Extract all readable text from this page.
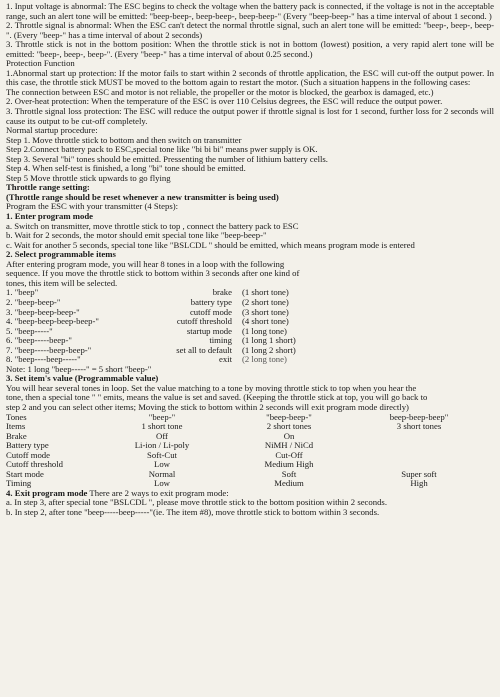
1. Input voltage is abnormal: The ESC begins to check the voltage when the battery pack is connected, if the voltage is not in the acceptable range, such an alert tone will be emitted: "beep-beep-, beep-beep-, beep-beep-" (Every "beep-beep-" has a time interval of about 1 second. )

2. Throttle signal is abnormal: When the ESC can't detect the normal throttle signal, such an alert tone will be emitted: "beep-, beep-, beep-". (Every "beep-" has a time interval of about 2 seconds)

3. Throttle stick is not in the bottom position: When the throttle stick is not in bottom (lowest) position, a very rapid alert tone will be emitted: "beep-, beep-, beep-". (Every "beep-" has a time interval of about 0.25 second.)

Protection Function

1.Abnormal start up protection: If the motor fails to start within 2 seconds of throttle application, the ESC will cut-off the output power. In this case, the throttle stick MUST be moved to the bottom again to restart the motor. (Such a situation happens in the following cases:

The connection between ESC and motor is not reliable, the propeller or the motor is blocked, the gearbox is damaged, etc.)

2. Over-heat protection: When the temperature of the ESC is over 110 Celsius degrees, the ESC will reduce the output power.

3. Throttle signal loss protection: The ESC will reduce the output power if throttle signal is lost for 1 second, further loss for 2 seconds will cause its output to be cut-off completely.

Normal startup procedure:

Step 1. Move throttle stick to bottom and then switch on transmitter

Step 2.Connect battery pack to ESC,special tone like "bi bi bi" means pwer supply is OK.

Step 3. Several "bi" tones should be emitted. Pressenting the number of lithium battery cells.

Step 4. When self-test is finished, a long "bi" tone should be emitted.

Step 5 Move throttle stick upwards to go flying

Throttle range setting:

(Throttle range should be reset whenever a new transmitter is being used)

Program the ESC with your transmitter (4 Steps):

1. Enter program mode

a. Switch on transmitter, move throttle stick to top , connect the battery pack to ESC

b. Wait for 2 seconds, the motor should emit special tone like "beep-beep-"

c. Wait for another 5 seconds, special tone like "BSLCDL " should be emitted, which means program mode is entered

2. Select programmable items

After entering program mode, you will hear 8 tones in a loop with the following sequence. If you move the throttle stick to bottom within 3 seconds after one kind of tones, this item will be selected.

1. "beep"	brake	(1 short tone)
2. "beep-beep-"	battery type	(2 short tone)
3. "beep-beep-beep-"	cutoff mode	(3 short tone)
4. "beep-beep-beep-beep-"	cutoff threshold	(4 short tone)
5. "beep-----"	startup mode	(1 long tone)
6. "beep-----beep-"	timing	(1 long 1 short)
7. "beep-----beep-beep-"	set all to default	(1 long 2 short)
8. "beep----beep-----"	exit	(2 long tone)

Note: 1 long "beep-----" = 5 short "beep-"

3. Set item's value (Programmable value)

You will hear several tones in loop. Set the value matching to a tone by moving throttle stick to top when you hear the tone, then a special tone " " emits, means the value is set and saved. (Keeping the throttle stick at top, you will go back to step 2 and you can select other items; Moving the stick to bottom within 2 seconds will exit program mode directly)

Tones	"beep-"	"beep-beep-"	beep-beep-beep"
Items	1 short tone	2 short tones	3 short tones
Brake	Off	On
Battery type	Li-ion / Li-poly	NiMH / NiCd
Cutoff mode	Soft-Cut	Cut-Off
Cutoff threshold	Low	Medium High
Start mode	Normal	Soft	Super soft
Timing	Low	Medium	High

4. Exit program mode There are 2 ways to exit program mode:

a. In step 3, after special tone "BSLCDL ", please move throttle stick to the bottom position within 2 seconds.

b. In step 2, after tone "beep-----beep-----"(ie. The item #8), move throttle stick to bottom within 3 seconds.
